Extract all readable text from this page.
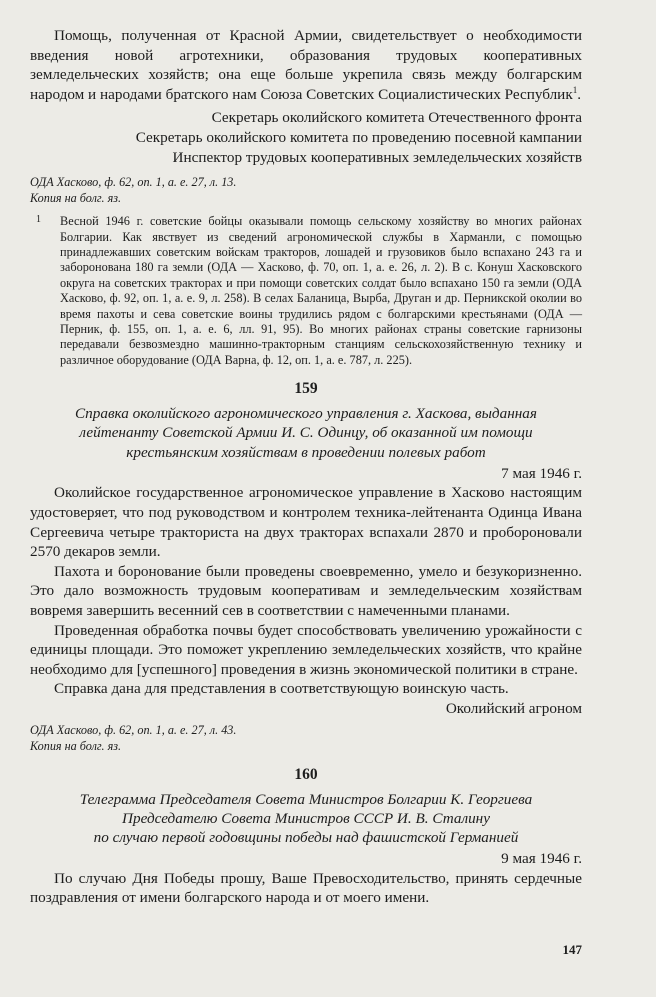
Помощь, полученная от Красной Армии, свидетельствует о необходимости введения новой агротехники, образования трудовых кооперативных земледельческих хозяйств; она еще больше укрепила связь между болгарским народом и народами братского нам Союза Советских Социалистических Республик$^1$.

Секретарь околийского комитета Отечественного фронта

Секретарь околийского комитета по проведению посевной кампании

Инспектор трудовых кооперативных земледельческих хозяйств

ОДА Хасково, ф. 62, оп. 1, а. е. 27, л. 13.
Копия на болг. яз.

1 Весной 1946 г. советские бойцы оказывали помощь сельскому хозяйству во многих районах Болгарии. Как явствует из сведений агрономической службы в Харманли, с помощью принадлежавших советским войскам тракторов, лошадей и грузовиков было вспахано 243 га и заборонована 180 га земли (ОДА — Хасково, ф. 70, оп. 1, а. е. 26, л. 2). В с. Конуш Хасковского округа на советских тракторах и при помощи советских солдат было вспахано 150 га земли (ОДА Хасково, ф. 92, оп. 1, а. е. 9, л. 258). В селах Баланица, Вырба, Друган и др. Перникской околии во время пахоты и сева советские воины трудились рядом с болгарскими крестьянами (ОДА — Перник, ф. 155, оп. 1, а. е. 6, лл. 91, 95). Во многих районах страны советские гарнизоны передавали безвозмездно машинно-тракторным станциям сельскохозяйственную технику и различное оборудование (ОДА Варна, ф. 12, оп. 1, а. е. 787, л. 225).

159

Справка околийского агрономического управления г. Хаскова, выданная лейтенанту Советской Армии И. С. Одинцу, об оказанной им помощи крестьянским хозяйствам в проведении полевых работ

7 мая 1946 г.

Околийское государственное агрономическое управление в Хасково настоящим удостоверяет, что под руководством и контролем техника-лейтенанта Одинца Ивана Сергеевича четыре тракториста на двух тракторах вспахали 2870 и пробороновали 2570 декаров земли.

Пахота и боронование были проведены своевременно, умело и безукоризненно. Это дало возможность трудовым кооперативам и земледельческим хозяйствам вовремя завершить весенний сев в соответствии с намеченными планами.

Проведенная обработка почвы будет способствовать увеличению урожайности с единицы площади. Это поможет укреплению земледельческих хозяйств, что крайне необходимо для [успешного] проведения в жизнь экономической политики в стране.

Справка дана для представления в соответствующую воинскую часть.

Околийский агроном

ОДА Хасково, ф. 62, оп. 1, а. е. 27, л. 43.
Копия на болг. яз.

160

Телеграмма Председателя Совета Министров Болгарии К. Георгиева

Председателю Совета Министров СССР И. В. Сталину

по случаю первой годовщины победы над фашистской Германией

9 мая 1946 г.

По случаю Дня Победы прошу, Ваше Превосходительство, принять сердечные поздравления от имени болгарского народа и от моего имени.

147
